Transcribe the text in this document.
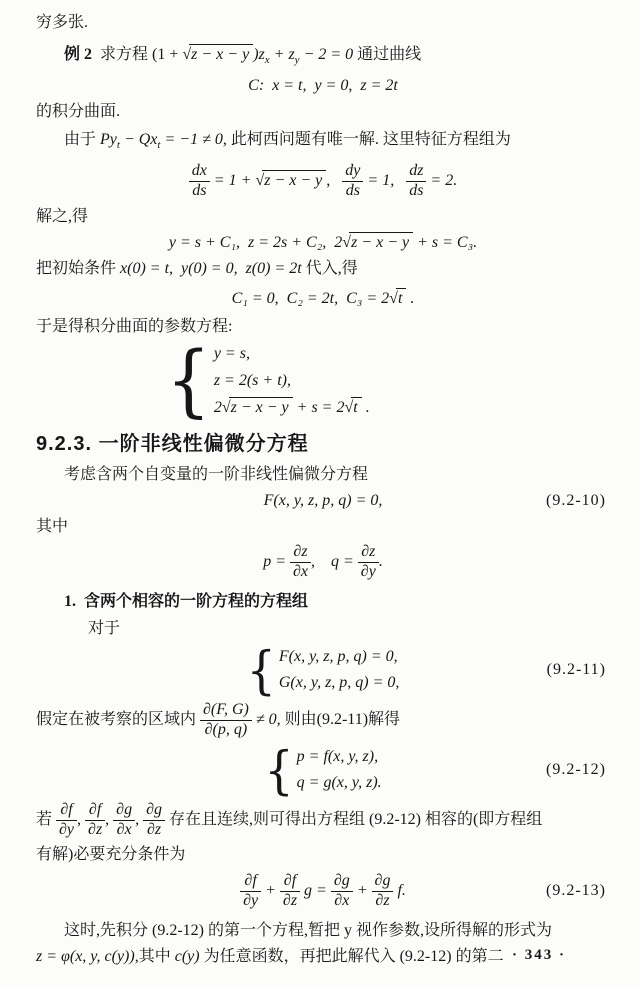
穷多张.
例 2 求方程 (1 + √z − x − y )$z_x + z_y - 2 = 0$ 通过曲线
C:  x = t,  y = 0,  z = 2t
的积分曲面.
由于 $Py_t - Qx_t = -1 \ne 0$, 此柯西问题有唯一解. 这里特征方程组为
$\frac{dx}{ds} = 1 + √z - x - y$ , $\frac{dy}{ds} = 1$, $\frac{dz}{ds} = 2$.
解之,得
y = s + C₁,  z = 2s + C₂,  2√z − x − y + s = C₃.
把初始条件 x(0) = t,  y(0) = 0,  z(0) = 2t 代入,得
C₁ = 0,  C₂ = 2t,  C₃ = 2√t .
于是得积分曲面的参数方程:
{ y = s,
z = 2(s + t),
2√z − x − y + s = 2√t .
9.2.3. 一阶非线性偏微分方程
考虑含两个自变量的一阶非线性偏微分方程
F(x, y, z, p, q) = 0,	(9.2-10)
其中
$p = \frac{\partial z}{\partial x}$ ,    $q = \frac{\partial z}{\partial y}$ .
1.  含两个相容的一阶方程的方程组
对于
{ F(x, y, z, p, q) = 0,
G(x, y, z, p, q) = 0,
(9.2-11)
假定在被考察的区域内 $\frac{\partial(F, G)}{\partial(p, q)} \ne 0$, 则由(9.2-11)解得
{ p = f(x, y, z),
q = g(x, y, z).
(9.2-12)
若 $\frac{\partial f}{\partial y}$ , $\frac{\partial f}{\partial z}$ , $\frac{\partial g}{\partial x}$ , $\frac{\partial g}{\partial z}$ 存在且连续,则可得出方程组 (9.2-12) 相容的(即方程组
有解)必要充分条件为
$\frac{\partial f}{\partial y} + \frac{\partial f}{\partial z}$ $g = \frac{\partial g}{\partial x} + \frac{\partial g}{\partial z} f$.	(9.2-13)
这时,先积分 (9.2-12) 的第一个方程,暂把 y 视作参数,设所得解的形式为
z = φ(x, y, c(y)),其中 c(y) 为任意函数，再把此解代入 (9.2-12) 的第二 · 343 ·
